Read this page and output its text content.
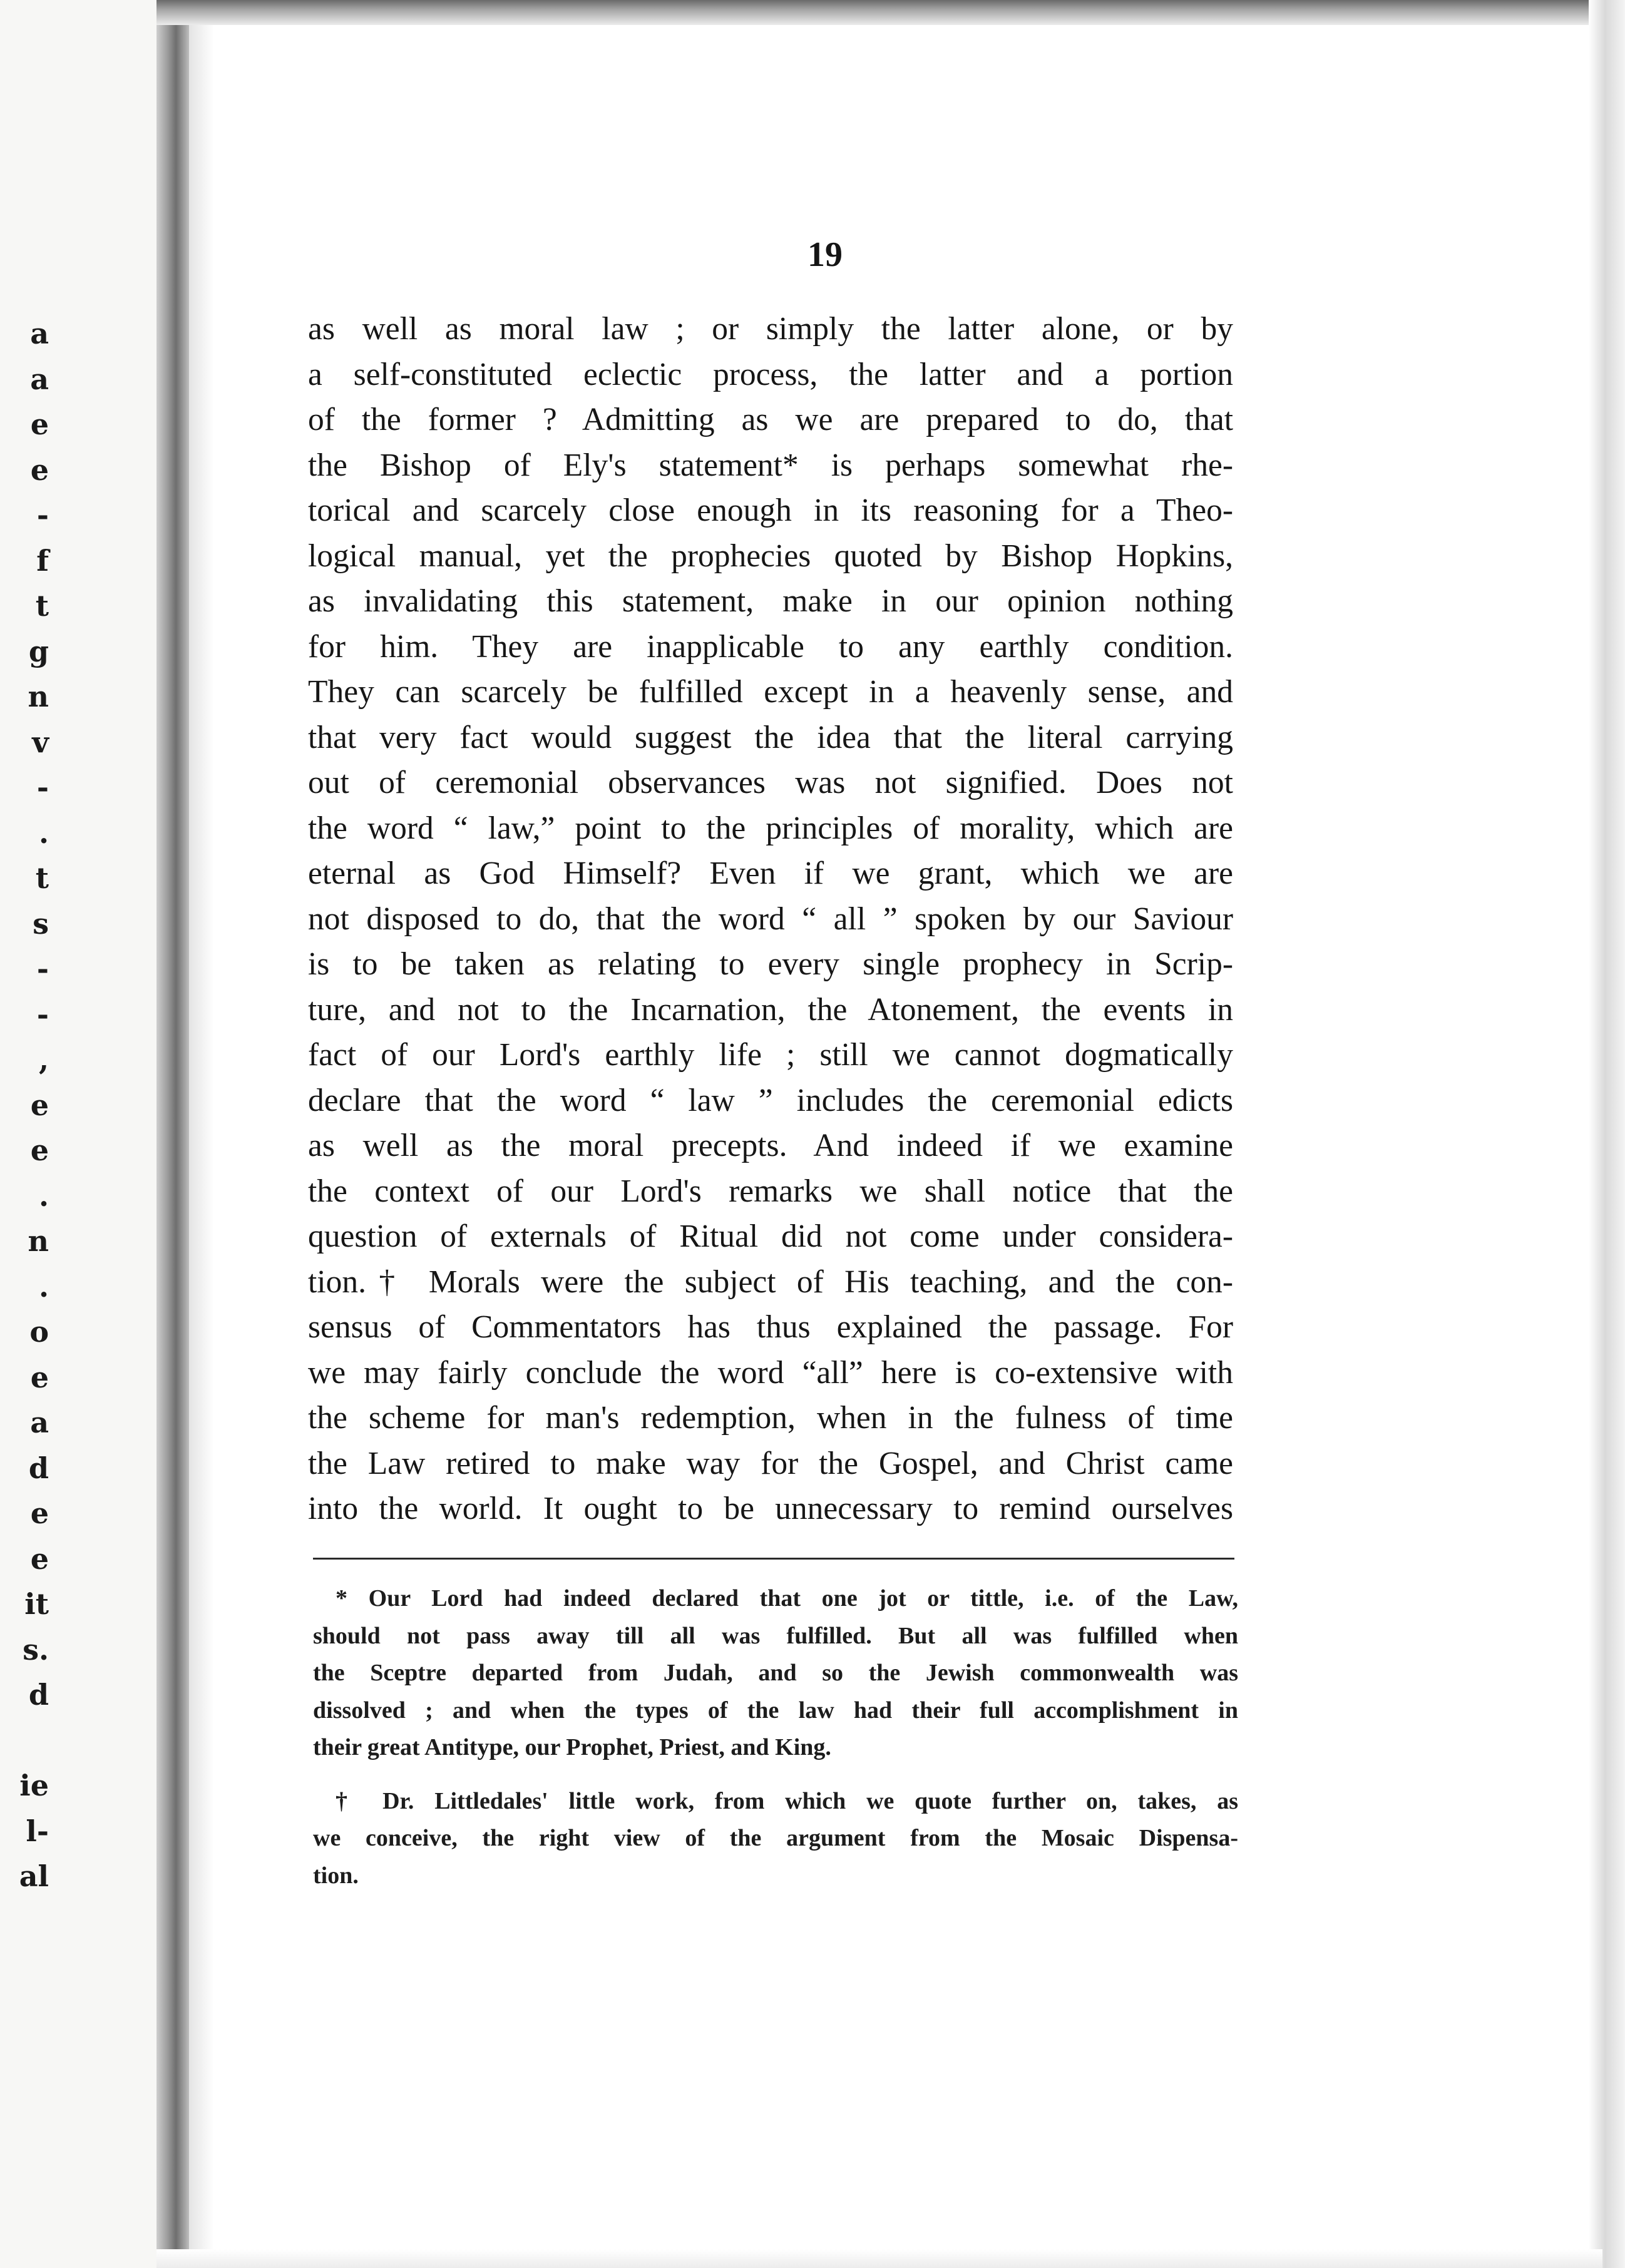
a
a
e
e
-
f
t
g
n
v
-
.
t
s
-
-
,
e
e
.
n
.
o
e
a
d
e
e
it
s.
d
ie
l-
al
19
as well as moral law ; or simply the latter alone, or by
a self-constituted eclectic process, the latter and a portion
of the former ? Admitting as we are prepared to do, that
the Bishop of Ely's statement* is perhaps somewhat rhe-
torical and scarcely close enough in its reasoning for a Theo-
logical manual, yet the prophecies quoted by Bishop Hopkins,
as invalidating this statement, make in our opinion nothing
for him. They are inapplicable to any earthly condition.
They can scarcely be fulfilled except in a heavenly sense, and
that very fact would suggest the idea that the literal carrying
out of ceremonial observances was not signified. Does not
the word “ law,” point to the principles of morality, which are
eternal as God Himself? Even if we grant, which we are
not disposed to do, that the word “ all ” spoken by our Saviour
is to be taken as relating to every single prophecy in Scrip-
ture, and not to the Incarnation, the Atonement, the events in
fact of our Lord's earthly life ; still we cannot dogmatically
declare that the word “ law ” includes the ceremonial edicts
as well as the moral precepts. And indeed if we examine
the context of our Lord's remarks we shall notice that the
question of externals of Ritual did not come under considera-
tion.† Morals were the subject of His teaching, and the con-
sensus of Commentators has thus explained the passage. For
we may fairly conclude the word “all” here is co-extensive with
the scheme for man's redemption, when in the fulness of time
the Law retired to make way for the Gospel, and Christ came
into the world. It ought to be unnecessary to remind ourselves
* Our Lord had indeed declared that one jot or tittle, i.e. of the Law,
should not pass away till all was fulfilled. But all was fulfilled when
the Sceptre departed from Judah, and so the Jewish commonwealth was
dissolved ; and when the types of the law had their full accomplishment in
their great Antitype, our Prophet, Priest, and King.
† Dr. Littledales' little work, from which we quote further on, takes, as
we conceive, the right view of the argument from the Mosaic Dispensa-
tion.
